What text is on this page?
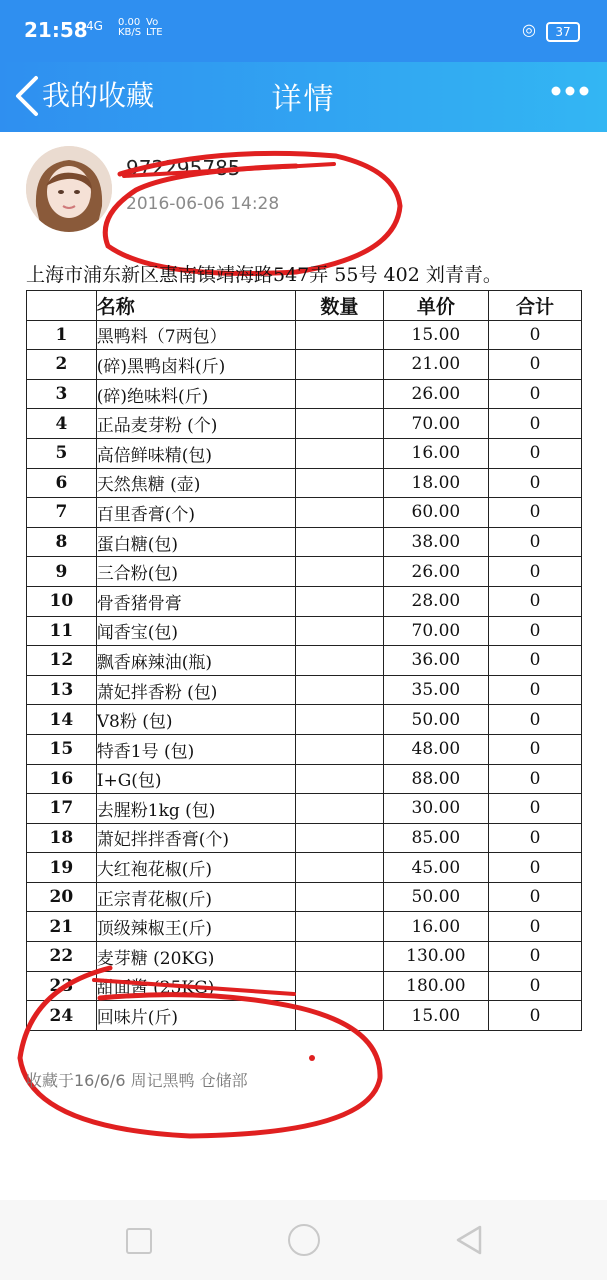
21:58
4G 0.00
KB/S
Vo
LTE	◎	37
我的收藏	详情
972295785
2016-06-06 14:28
上海市浦东新区惠南镇靖海路547弄 55号 402 刘青青。
	名称	数量	单价	合计
1	黑鸭料（7两包）		15.00	0
2	(碎)黑鸭卤料(斤)		21.00	0
3	(碎)绝味料(斤)		26.00	0
4	正品麦芽粉 (个)		70.00	0
5	高倍鲜味精(包)		16.00	0
6	天然焦糖 (壶)		18.00	0
7	百里香膏(个)		60.00	0
8	蛋白糖(包)		38.00	0
9	三合粉(包)		26.00	0
10	骨香猪骨膏		28.00	0
11	闻香宝(包)		70.00	0
12	飘香麻辣油(瓶)		36.00	0
13	萧妃拌香粉 (包)		35.00	0
14	V8粉 (包)		50.00	0
15	特香1号 (包)		48.00	0
16	I+G(包)		88.00	0
17	去腥粉1kg (包)		30.00	0
18	萧妃拌拌香膏(个)		85.00	0
19	大红袍花椒(斤)		45.00	0
20	正宗青花椒(斤)		50.00	0
21	顶级辣椒王(斤)		16.00	0
22	麦芽糖 (20KG)		130.00	0
23	甜面酱 (25KG)		180.00	0
24	回味片(斤)		15.00	0
收藏于16/6/6 周记黑鸭 仓储部
